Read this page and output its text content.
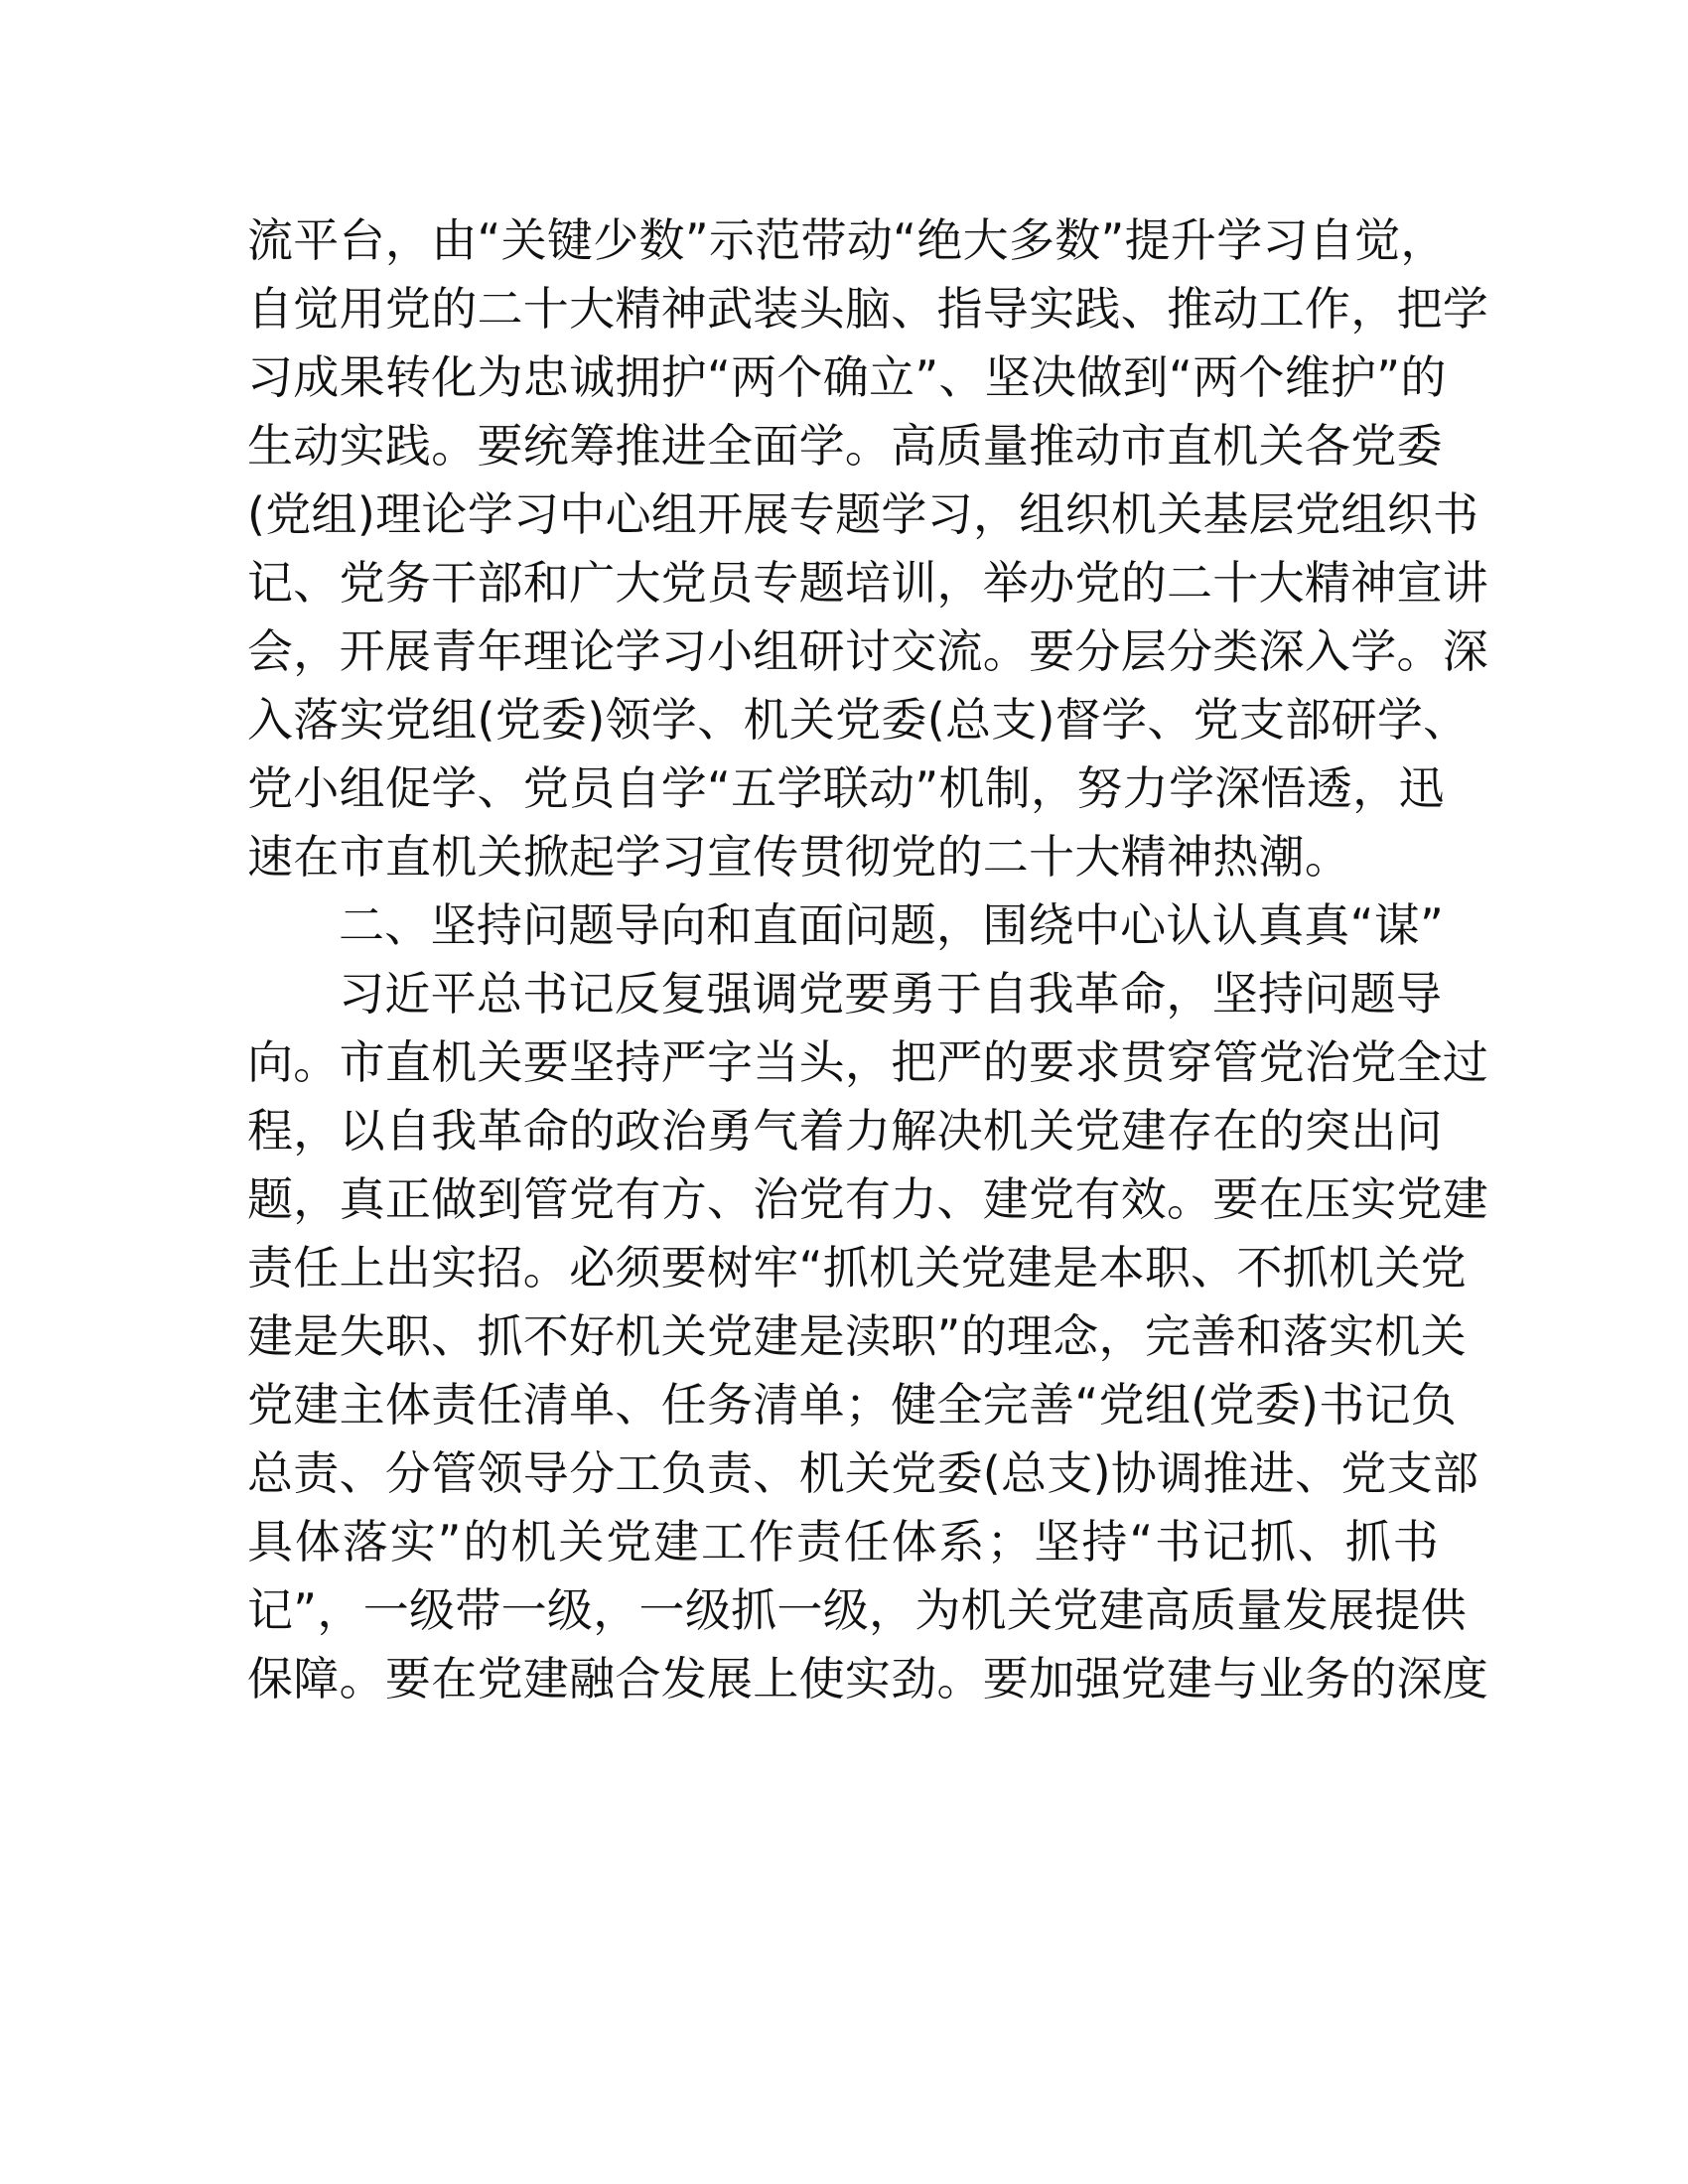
流平台，由“关键少数”示范带动“绝大多数”提升学习自觉，
自觉用党的二十大精神武装头脑、指导实践、推动工作，把学
习成果转化为忠诚拥护“两个确立”、坚决做到“两个维护”的
生动实践。要统筹推进全面学。高质量推动市直机关各党委
(党组)理论学习中心组开展专题学习，组织机关基层党组织书
记、党务干部和广大党员专题培训，举办党的二十大精神宣讲
会，开展青年理论学习小组研讨交流。要分层分类深入学。深
入落实党组(党委)领学、机关党委(总支)督学、党支部研学、
党小组促学、党员自学“五学联动”机制，努力学深悟透，迅
速在市直机关掀起学习宣传贯彻党的二十大精神热潮。
二、坚持问题导向和直面问题，围绕中心认认真真“谋”
习近平总书记反复强调党要勇于自我革命，坚持问题导
向。市直机关要坚持严字当头，把严的要求贯穿管党治党全过
程，以自我革命的政治勇气着力解决机关党建存在的突出问
题，真正做到管党有方、治党有力、建党有效。要在压实党建
责任上出实招。必须要树牢“抓机关党建是本职、不抓机关党
建是失职、抓不好机关党建是渎职”的理念，完善和落实机关
党建主体责任清单、任务清单；健全完善“党组(党委)书记负
总责、分管领导分工负责、机关党委(总支)协调推进、党支部
具体落实”的机关党建工作责任体系；坚持“书记抓、抓书
记”，一级带一级，一级抓一级，为机关党建高质量发展提供
保障。要在党建融合发展上使实劲。要加强党建与业务的深度
